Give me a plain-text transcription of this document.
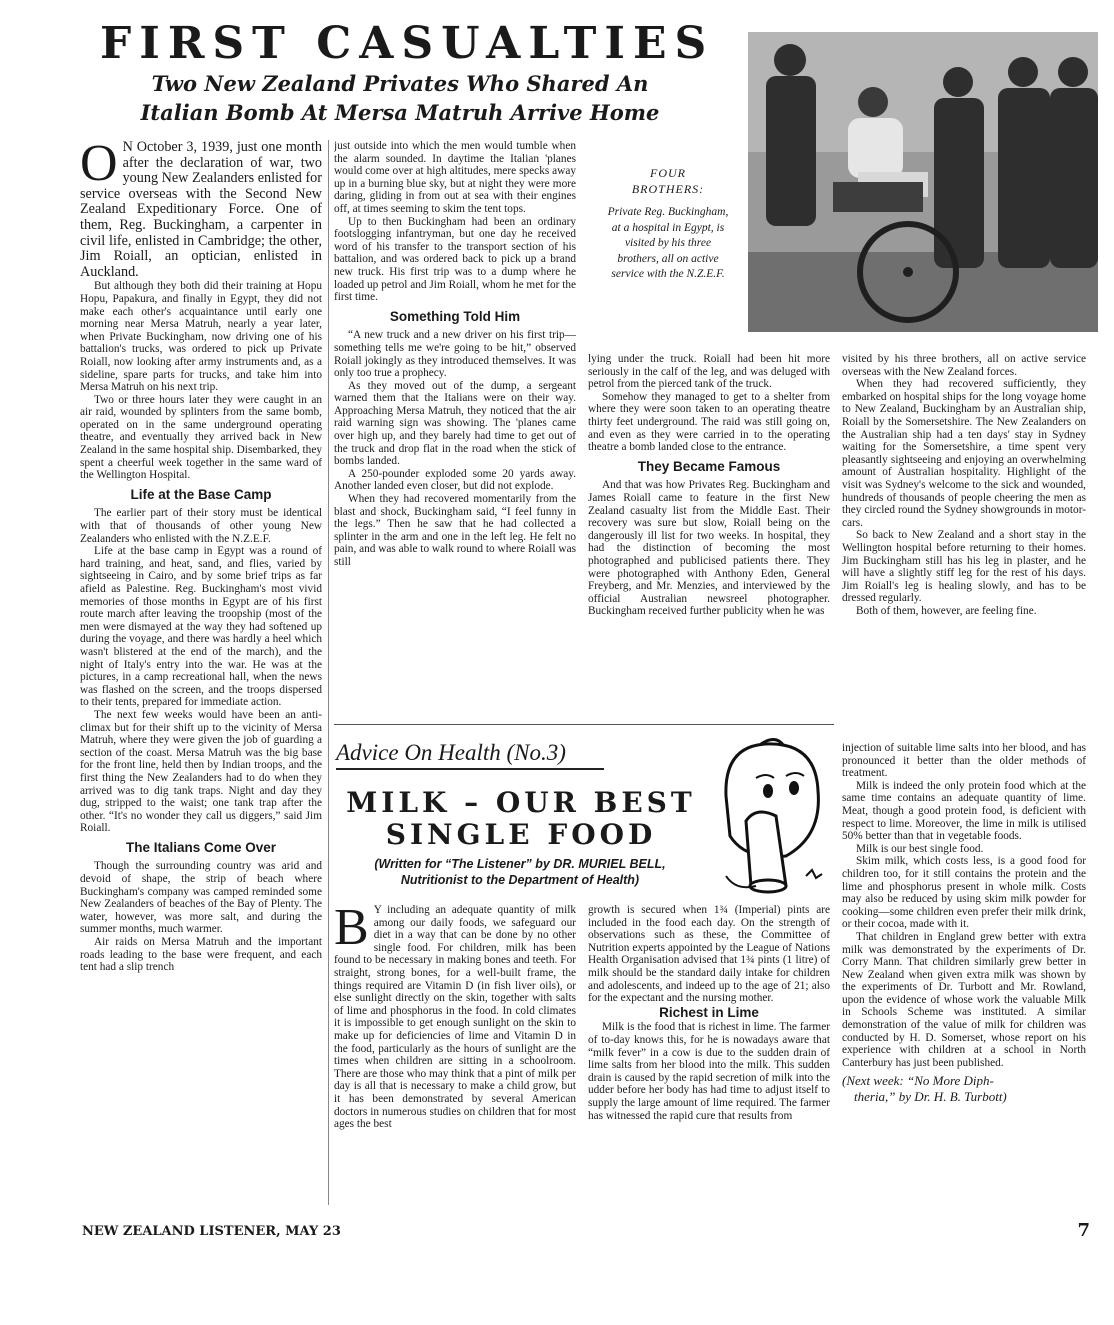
FIRST CASUALTIES
Two New Zealand Privates Who Shared An
Italian Bomb At Mersa Matruh Arrive Home

O N October 3, 1939, just one month after the declaration of war, two young New Zealanders enlisted for service overseas with the Second New Zealand Expeditionary Force. One of them, Reg. Buckingham, a carpenter in civil life, enlisted in Cambridge; the other, Jim Roiall, an optician, enlisted in Auckland.

But although they both did their training at Hopu Hopu, Papakura, and finally in Egypt, they did not make each other's acquaintance until early one morning near Mersa Matruh, nearly a year later, when Private Buckingham, now driving one of his battalion's trucks, was ordered to pick up Private Roiall, now looking after army instruments and, as a sideline, spare parts for trucks, and take him into Mersa Matruh on his next trip.

Two or three hours later they were caught in an air raid, wounded by splinters from the same bomb, operated on in the same underground operating theatre, and eventually they arrived back in New Zealand in the same hospital ship. Disembarked, they spent a cheerful week together in the same ward of the Wellington Hospital.

Life at the Base Camp

The earlier part of their story must be identical with that of thousands of other young New Zealanders who enlisted with the N.Z.E.F.

Life at the base camp in Egypt was a round of hard training, and heat, sand, and flies, varied by sightseeing in Cairo, and by some brief trips as far afield as Palestine. Reg. Buckingham's most vivid memories of those months in Egypt are of his first route march after leaving the troopship (most of the men were dismayed at the way they had softened up during the voyage, and there was hardly a heel which wasn't blistered at the end of the march), and the night of Italy's entry into the war. He was at the pictures, in a camp recreational hall, when the news was flashed on the screen, and the troops dispersed to their tents, prepared for immediate action.

The next few weeks would have been an anti-climax but for their shift up to the vicinity of Mersa Matruh, where they were given the job of guarding a section of the coast. Mersa Matruh was the big base for the front line, held then by Indian troops, and the first thing the New Zealanders had to do when they arrived was to dig tank traps. Night and day they dug, stripped to the waist; one tank trap after the other. “It's no wonder they call us diggers,” said Jim Roiall.

The Italians Come Over

Though the surrounding country was arid and devoid of shape, the strip of beach where Buckingham's company was camped reminded some New Zealanders of beaches of the Bay of Plenty. The water, however, was more salt, and during the summer months, much warmer.

Air raids on Mersa Matruh and the important roads leading to the base were frequent, and each tent had a slip trench

just outside into which the men would tumble when the alarm sounded. In daytime the Italian 'planes would come over at high altitudes, mere specks away up in a burning blue sky, but at night they were more daring, gliding in from out at sea with their engines off, at times seeming to skim the tent tops.

Up to then Buckingham had been an ordinary footslogging infantryman, but one day he received word of his transfer to the transport section of his battalion, and was ordered back to pick up a brand new truck. His first trip was to a dump where he loaded up petrol and Jim Roiall, whom he met for the first time.

Something Told Him

“A new truck and a new driver on his first trip—something tells me we're going to be hit,” observed Roiall jokingly as they introduced themselves. It was only too true a prophecy.

As they moved out of the dump, a sergeant warned them that the Italians were on their way. Approaching Mersa Matruh, they noticed that the air raid warning sign was showing. The 'planes came over high up, and they barely had time to get out of the truck and drop flat in the road when the stick of bombs landed.

A 250-pounder exploded some 20 yards away. Another landed even closer, but did not explode.

When they had recovered momentarily from the blast and shock, Buckingham said, “I feel funny in the legs.” Then he saw that he had collected a splinter in the arm and one in the left leg. He felt no pain, and was able to walk round to where Roiall was still

FOUR
BROTHERS:
Private Reg. Buckingham, at a hospital in Egypt, is visited by his three brothers, all on active service with the N.Z.E.F.

lying under the truck. Roiall had been hit more seriously in the calf of the leg, and was deluged with petrol from the pierced tank of the truck.

Somehow they managed to get to a shelter from where they were soon taken to an operating theatre thirty feet underground. The raid was still going on, and even as they were carried in to the operating theatre a bomb landed close to the entrance.

They Became Famous

And that was how Privates Reg. Buckingham and James Roiall came to feature in the first New Zealand casualty list from the Middle East. Their recovery was sure but slow, Roiall being on the dangerously ill list for two weeks. In hospital, they had the distinction of becoming the most photographed and publicised patients there. They were photographed with Anthony Eden, General Freyberg, and Mr. Menzies, and interviewed by the official Australian newsreel photographer. Buckingham received further publicity when he was

visited by his three brothers, all on active service overseas with the New Zealand forces.

When they had recovered sufficiently, they embarked on hospital ships for the long voyage home to New Zealand, Buckingham by an Australian ship, Roiall by the Somersetshire. The New Zealanders on the Australian ship had a ten days' stay in Sydney waiting for the Somersetshire, a time spent very pleasantly sightseeing and enjoying an overwhelming amount of Australian hospitality. Highlight of the visit was Sydney's welcome to the sick and wounded, hundreds of thousands of people cheering the men as they circled round the Sydney showgrounds in motor-cars.

So back to New Zealand and a short stay in the Wellington hospital before returning to their homes. Jim Buckingham still has his leg in plaster, and he will have a slightly stiff leg for the rest of his days. Jim Roiall's leg is healing slowly, and has to be dressed regularly.

Both of them, however, are feeling fine.

Advice On Health (No.3)
MILK – OUR BEST
SINGLE FOOD
(Written for “The Listener” by DR. MURIEL BELL,
Nutritionist to the Department of Health)

B Y including an adequate quantity of milk among our daily foods, we safeguard our diet in a way that can be done by no other single food. For children, milk has been found to be necessary in making bones and teeth. For straight, strong bones, for a well-built frame, the things required are Vitamin D (in fish liver oils), or else sunlight directly on the skin, together with salts of lime and phosphorus in the food. In cold climates it is impossible to get enough sunlight on the skin to make up for deficiencies of lime and Vitamin D in the food, particularly as the hours of sunlight are the times when children are sitting in a schoolroom. There are those who may think that a pint of milk per day is all that is necessary to make a child grow, but it has been demonstrated by several American doctors in numerous studies on children that for most ages the best

growth is secured when 1¾ (Imperial) pints are included in the food each day. On the strength of observations such as these, the Committee of Nutrition experts appointed by the League of Nations Health Organisation advised that 1¾ pints (1 litre) of milk should be the standard daily intake for children and adolescents, and indeed up to the age of 21; also for the expectant and the nursing mother.

Richest in Lime

Milk is the food that is richest in lime. The farmer of to-day knows this, for he is nowadays aware that “milk fever” in a cow is due to the sudden drain of lime salts from her blood into the milk. This sudden drain is caused by the rapid secretion of milk into the udder before her body has had time to adjust itself to supply the large amount of lime required. The farmer has witnessed the rapid cure that results from

injection of suitable lime salts into her blood, and has pronounced it better than the older methods of treatment.

Milk is indeed the only protein food which at the same time contains an adequate quantity of lime. Meat, though a good protein food, is deficient with respect to lime. Moreover, the lime in milk is utilised 50% better than that in vegetable foods.

Milk is our best single food.

Skim milk, which costs less, is a good food for children too, for it still contains the protein and the lime and phosphorus present in whole milk. Costs may also be reduced by using skim milk powder for cooking—some children even prefer their milk drink, or their cocoa, made with it.

That children in England grew better with extra milk was demonstrated by the experiments of Dr. Corry Mann. That children similarly grew better in New Zealand when given extra milk was shown by the experiments of Dr. Turbott and Mr. Rowland, upon the evidence of whose work the valuable Milk in Schools Scheme was instituted. A similar demonstration of the value of milk for children was conducted by H. D. Somerset, whose report on his experience with children at a school in North Canterbury has just been published.

(Next week: “No More Diph-
theria,” by Dr. H. B. Turbott)
NEW ZEALAND LISTENER, MAY 23	7
